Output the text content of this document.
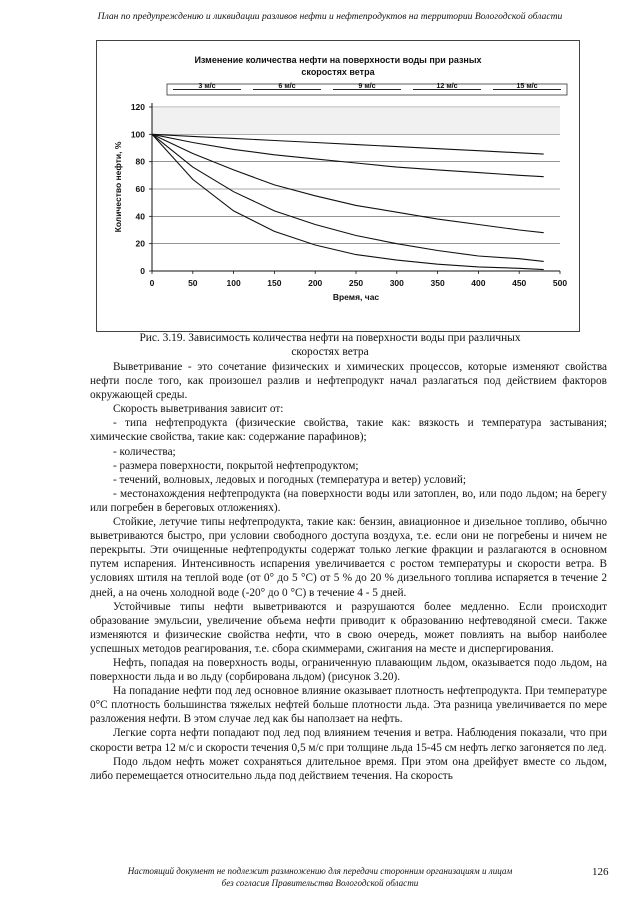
План по предупреждению и ликвидации разливов нефти и нефтепродуктов на территории Вологодской области
Изменение количества нефти на поверхности воды при разных
скоростях ветра
3 м/с	6 м/с	9 м/с	12 м/с	15 м/с
0	50	100	150	200	250	300	350	400	450	500
0
20
40
60
80
100
120
Время, час
Количество нефти, %
Рис. 3.19. Зависимость количества нефти на поверхности воды при различных
скоростях ветра

Выветривание - это сочетание физических и химических процессов, которые изменяют свойства нефти после того, как произошел разлив и нефтепродукт начал разлагаться под действием факторов окружающей среды.

Скорость выветривания зависит от:

- типа нефтепродукта (физические свойства, такие как: вязкость и температура застывания; химические свойства, такие как: содержание парафинов);

- количества;

- размера поверхности, покрытой нефтепродуктом;

- течений, волновых, ледовых и погодных (температура и ветер) условий;

- местонахождения нефтепродукта (на поверхности воды или затоплен, во, или подо льдом; на берегу или погребен в береговых отложениях).

Стойкие, летучие типы нефтепродукта, такие как: бензин, авиационное и дизельное топливо, обычно выветриваются быстро, при условии свободного доступа воздуха, т.е. если они не погребены и ничем не перекрыты. Эти очищенные нефтепродукты содержат только легкие фракции и разлагаются в основном путем испарения. Интенсивность испарения увеличивается с ростом температуры и скорости ветра. В условиях штиля на теплой воде (от 0° до 5 °С) от 5 % до 20 % дизельного топлива испаряется в течение 2 дней, а на очень холодной воде (-20° до 0 °С) в течение 4 - 5 дней.

Устойчивые типы нефти выветриваются и разрушаются более медленно. Если происходит образование эмульсии, увеличение объема нефти приводит к образованию нефтеводяной смеси. Также изменяются и физические свойства нефти, что в свою очередь, может повлиять на выбор наиболее успешных методов реагирования, т.е. сбора скиммерами, сжигания на месте и диспергирования.

Нефть, попадая на поверхность воды, ограниченную плавающим льдом, оказывается подо льдом, на поверхности льда и во льду (сорбирована льдом) (рисунок 3.20).

На попадание нефти под лед основное влияние оказывает плотность нефтепродукта. При температуре 0°С плотность большинства тяжелых нефтей больше плотности льда. Эта разница увеличивается по мере разложения нефти. В этом случае лед как бы наползает на нефть.

Легкие сорта нефти попадают под лед под влиянием течения и ветра. Наблюдения показали, что при скорости ветра 12 м/с и скорости течения 0,5 м/с при толщине льда 15-45 см нефть легко загоняется по лед.

Подо льдом нефть может сохраняться длительное время. При этом она дрейфует вместе со льдом, либо перемещается относительно льда под действием течения. На скорость

Настоящий документ не подлежит размножению для передачи сторонним организациям и лицам
без согласия Правительства Вологодской области
126
